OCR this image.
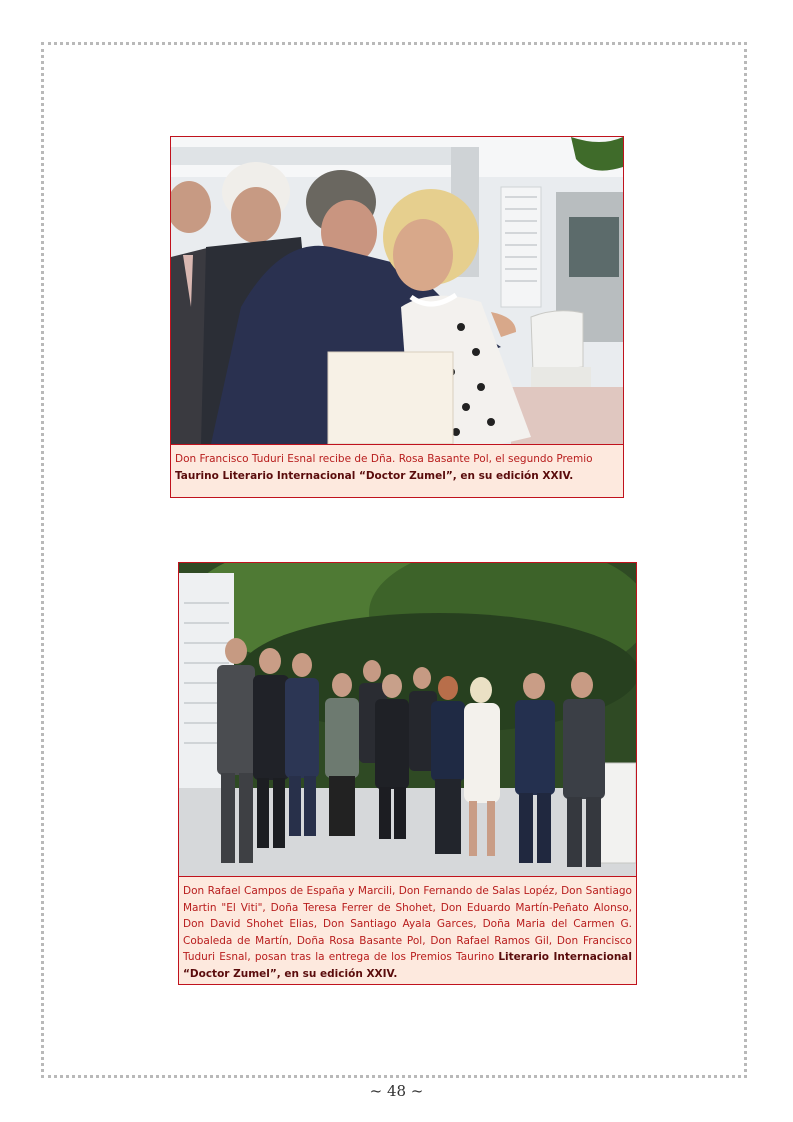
Don Francisco Tuduri Esnal recibe de Dña. Rosa Basante Pol, el segundo Premio Taurino Literario Internacional “Doctor Zumel”, en su edición XXIV.
Don Rafael Campos de España y Marcili, Don Fernando de Salas Lopéz, Don Santiago Martin "El Viti", Doña Teresa Ferrer de Shohet, Don Eduardo Martín-Peñato Alonso, Don David Shohet Elias, Don Santiago Ayala Garces, Doña Maria del Carmen G. Cobaleda de Martín, Doña Rosa Basante Pol, Don Rafael Ramos Gil, Don Francisco Tuduri Esnal, posan tras la entrega de los Premios Taurino Literario Internacional “Doctor Zumel”, en su edición XXIV.
~ 48 ~
